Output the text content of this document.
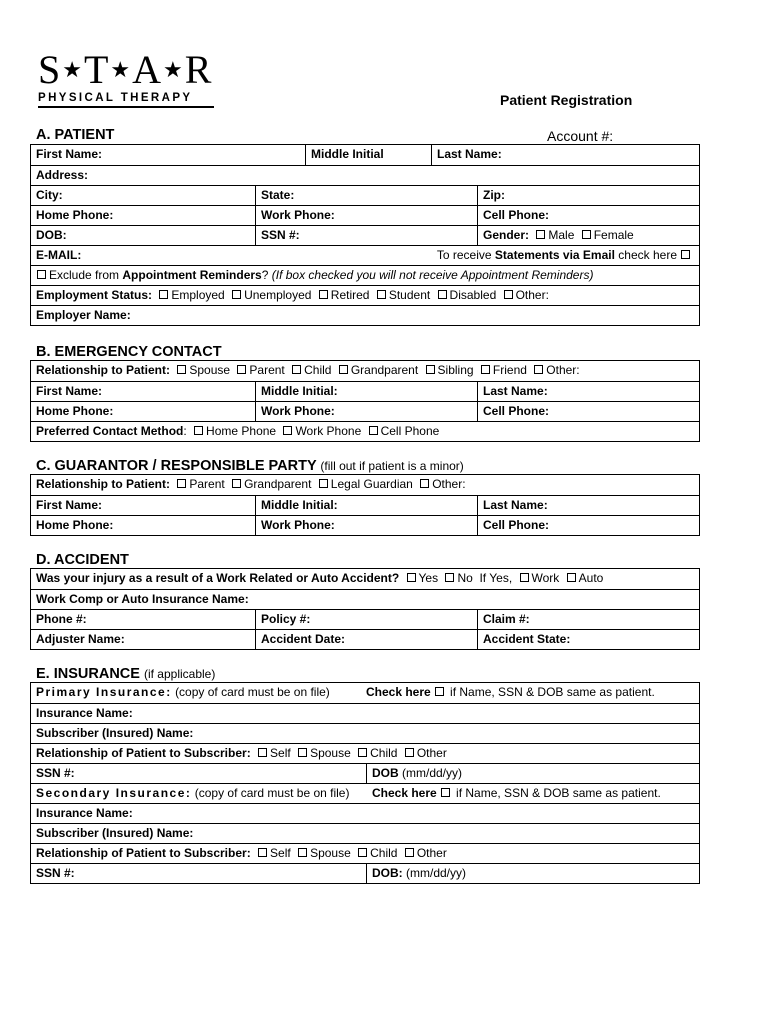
S★T★A★R
PHYSICAL THERAPY	Patient Registration
A. PATIENT	Account #:
First Name:	Middle Initial	Last Name:
Address:
City:	State:	Zip:
Home Phone:	Work Phone:	Cell Phone:
DOB:	SSN #:	Gender: Male Female
E-MAIL:	To receive Statements via Email check here
Exclude from Appointment Reminders? (If box checked you will not receive Appointment Reminders)
Employment Status: Employed Unemployed Retired Student Disabled Other:
Employer Name:
B. EMERGENCY CONTACT
Relationship to Patient: Spouse Parent Child Grandparent Sibling Friend Other:
First Name:	Middle Initial:	Last Name:
Home Phone:	Work Phone:	Cell Phone:
Preferred Contact Method: Home Phone Work Phone Cell Phone
C. GUARANTOR / RESPONSIBLE PARTY (fill out if patient is a minor)
Relationship to Patient: Parent Grandparent Legal Guardian Other:
First Name:	Middle Initial:	Last Name:
Home Phone:	Work Phone:	Cell Phone:
D. ACCIDENT
Was your injury as a result of a Work Related or Auto Accident? Yes No If Yes, Work Auto
Work Comp or Auto Insurance Name:
Phone #:	Policy #:	Claim #:
Adjuster Name:	Accident Date:	Accident State:
E. INSURANCE (if applicable)
Primary Insurance: (copy of card must be on file)	Check here if Name, SSN & DOB same as patient.
Insurance Name:
Subscriber (Insured) Name:
Relationship of Patient to Subscriber: Self Spouse Child Other
SSN #:	DOB (mm/dd/yy)
Secondary Insurance: (copy of card must be on file)	Check here if Name, SSN & DOB same as patient.
Insurance Name:
Subscriber (Insured) Name:
Relationship of Patient to Subscriber: Self Spouse Child Other
SSN #:	DOB: (mm/dd/yy)
